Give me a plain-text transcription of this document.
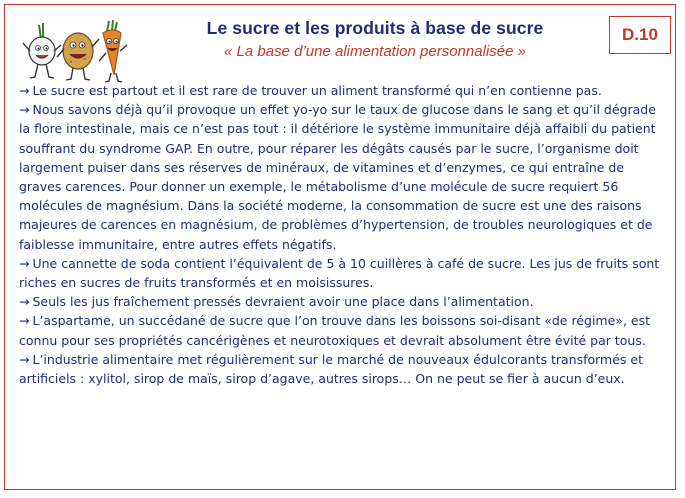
Le sucre et les produits à base de sucre
« La base d’une alimentation personnalisée »
D.10

→ Le sucre est partout et il est rare de trouver un aliment transformé qui n’en contienne pas.

→ Nous savons déjà qu’il provoque un effet yo-yo sur le taux de glucose dans le sang et qu’il dégrade la flore intestinale, mais ce n’est pas tout : il détériore le système immunitaire déjà affaibli du patient souffrant du syndrome GAP. En outre, pour réparer les dégâts causés par le sucre, l’organisme doit largement puiser dans ses réserves de minéraux, de vitamines et d’enzymes, ce qui entraîne de graves carences. Pour donner un exemple, le métabolisme d’une molécule de sucre requiert 56 molécules de magnésium. Dans la société moderne, la consommation de sucre est une des raisons majeures de carences en magnésium, de problèmes d’hypertension, de troubles neurologiques et de faiblesse immunitaire, entre autres effets négatifs.

→ Une cannette de soda contient l’équivalent de 5 à 10 cuillères à café de sucre. Les jus de fruits sont riches en sucres de fruits transformés et en moisissures.

→ Seuls les jus fraîchement pressés devraient avoir une place dans l’alimentation.

→ L’aspartame, un succédané de sucre que l’on trouve dans les boissons soi-disant «de régime», est connu pour ses propriétés cancérigènes et neurotoxiques et devrait absolument être évité par tous.

→ L’industrie alimentaire met régulièrement sur le marché de nouveaux édulcorants transformés et artificiels : xylitol, sirop de maïs, sirop d’agave, autres sirops… On ne peut se fier à aucun d’eux.
